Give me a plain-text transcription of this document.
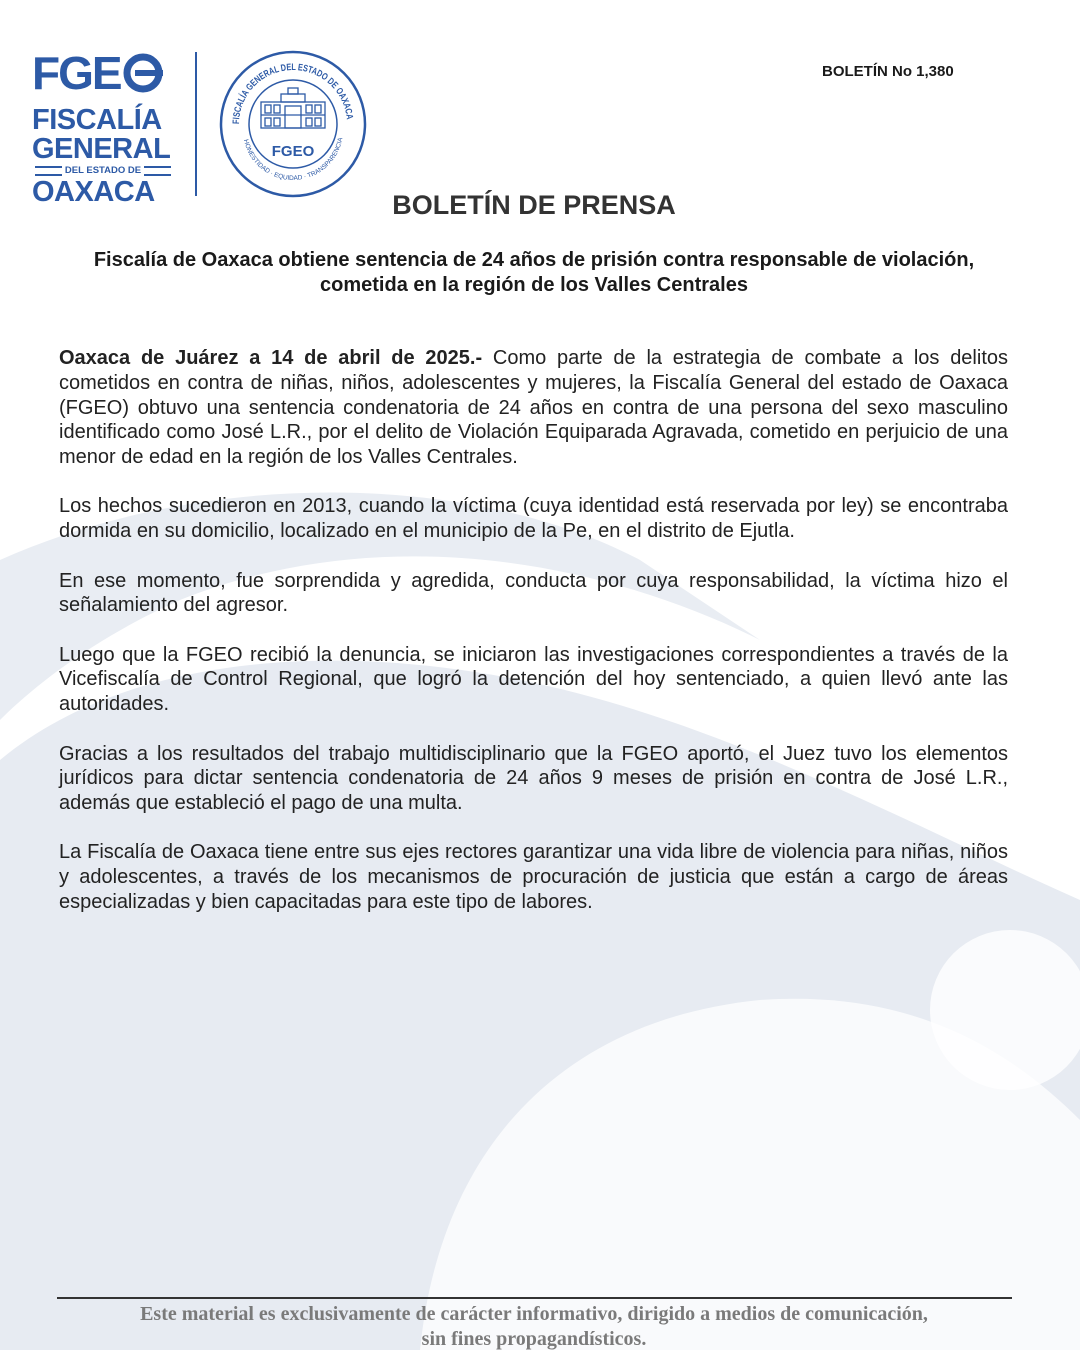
FGE
FISCALÍA
GENERAL
DEL ESTADO DE
OAXACA
FISCALÍA GENERAL DEL ESTADO DE OAXACA
HONESTIDAD · EQUIDAD · TRANSPARENCIA
FGEO
BOLETÍN No 1,380
BOLETÍN DE PRENSA
Fiscalía de Oaxaca obtiene sentencia de 24 años de prisión contra responsable de violación, cometida en la región de los Valles Centrales

Oaxaca de Juárez a 14 de abril de 2025.- Como parte de la estrategia de combate a los delitos cometidos en contra de niñas, niños, adolescentes y mujeres, la Fiscalía General del estado de Oaxaca (FGEO) obtuvo una sentencia condenatoria de 24 años en contra de una persona del sexo masculino identificado como José L.R., por el delito de Violación Equiparada Agravada, cometido en perjuicio de una menor de edad en la región de los Valles Centrales.

Los hechos sucedieron en 2013, cuando la víctima (cuya identidad está reservada por ley) se encontraba dormida en su domicilio, localizado en el municipio de la Pe, en el distrito de Ejutla.

En ese momento, fue sorprendida y agredida, conducta por cuya responsabilidad, la víctima hizo el señalamiento del agresor.

Luego que la FGEO recibió la denuncia, se iniciaron las investigaciones correspondientes a través de la Vicefiscalía de Control Regional, que logró la detención del hoy sentenciado, a quien llevó ante las autoridades.

Gracias a los resultados del trabajo multidisciplinario que la FGEO aportó, el Juez tuvo los elementos jurídicos para dictar sentencia condenatoria de 24 años 9 meses de prisión en contra de José L.R., además que estableció el pago de una multa.

La Fiscalía de Oaxaca tiene entre sus ejes rectores garantizar una vida libre de violencia para niñas, niños y adolescentes, a través de los mecanismos de procuración de justicia que están a cargo de áreas especializadas y bien capacitadas para este tipo de labores.

Este material es exclusivamente de carácter informativo, dirigido a medios de comunicación,
sin fines propagandísticos.
